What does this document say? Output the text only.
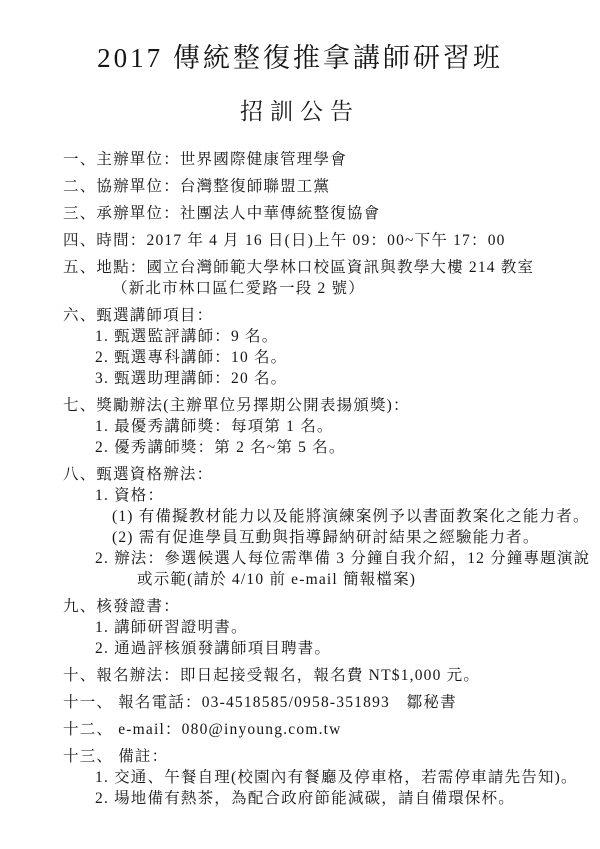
2017 傳統整復推拿講師研習班
招訓公告
一、主辦單位：世界國際健康管理學會
二、協辦單位：台灣整復師聯盟工黨
三、承辦單位：社團法人中華傳統整復協會
四、時間：2017 年 4 月 16 日(日)上午 09：00~下午 17：00
五、地點：國立台灣師範大學林口校區資訊與教學大樓 214 教室
（新北市林口區仁愛路一段 2 號）
六、甄選講師項目：
1. 甄選監評講師：9 名。
2. 甄選專科講師：10 名。
3. 甄選助理講師：20 名。
七、獎勵辦法(主辦單位另擇期公開表揚頒獎)：
1. 最優秀講師獎：每項第 1 名。
2. 優秀講師獎：第 2 名~第 5 名。
八、甄選資格辦法：
1. 資格：
(1) 有備擬教材能力以及能將演練案例予以書面教案化之能力者。
(2) 需有促進學員互動與指導歸納研討結果之經驗能力者。
2. 辦法：參選候選人每位需準備 3 分鐘自我介紹，12 分鐘專題演說
或示範(請於 4/10 前 e-mail 簡報檔案)
九、核發證書：
1. 講師研習證明書。
2. 通過評核頒發講師項目聘書。
十、報名辦法：即日起接受報名，報名費 NT$1,000 元。
十一、 報名電話：03-4518585/0958-351893　鄒秘書
十二、 e-mail：080@inyoung.com.tw
十三、 備註：
1. 交通、午餐自理(校園內有餐廳及停車格，若需停車請先告知)。
2. 場地備有熱茶，為配合政府節能減碳，請自備環保杯。
